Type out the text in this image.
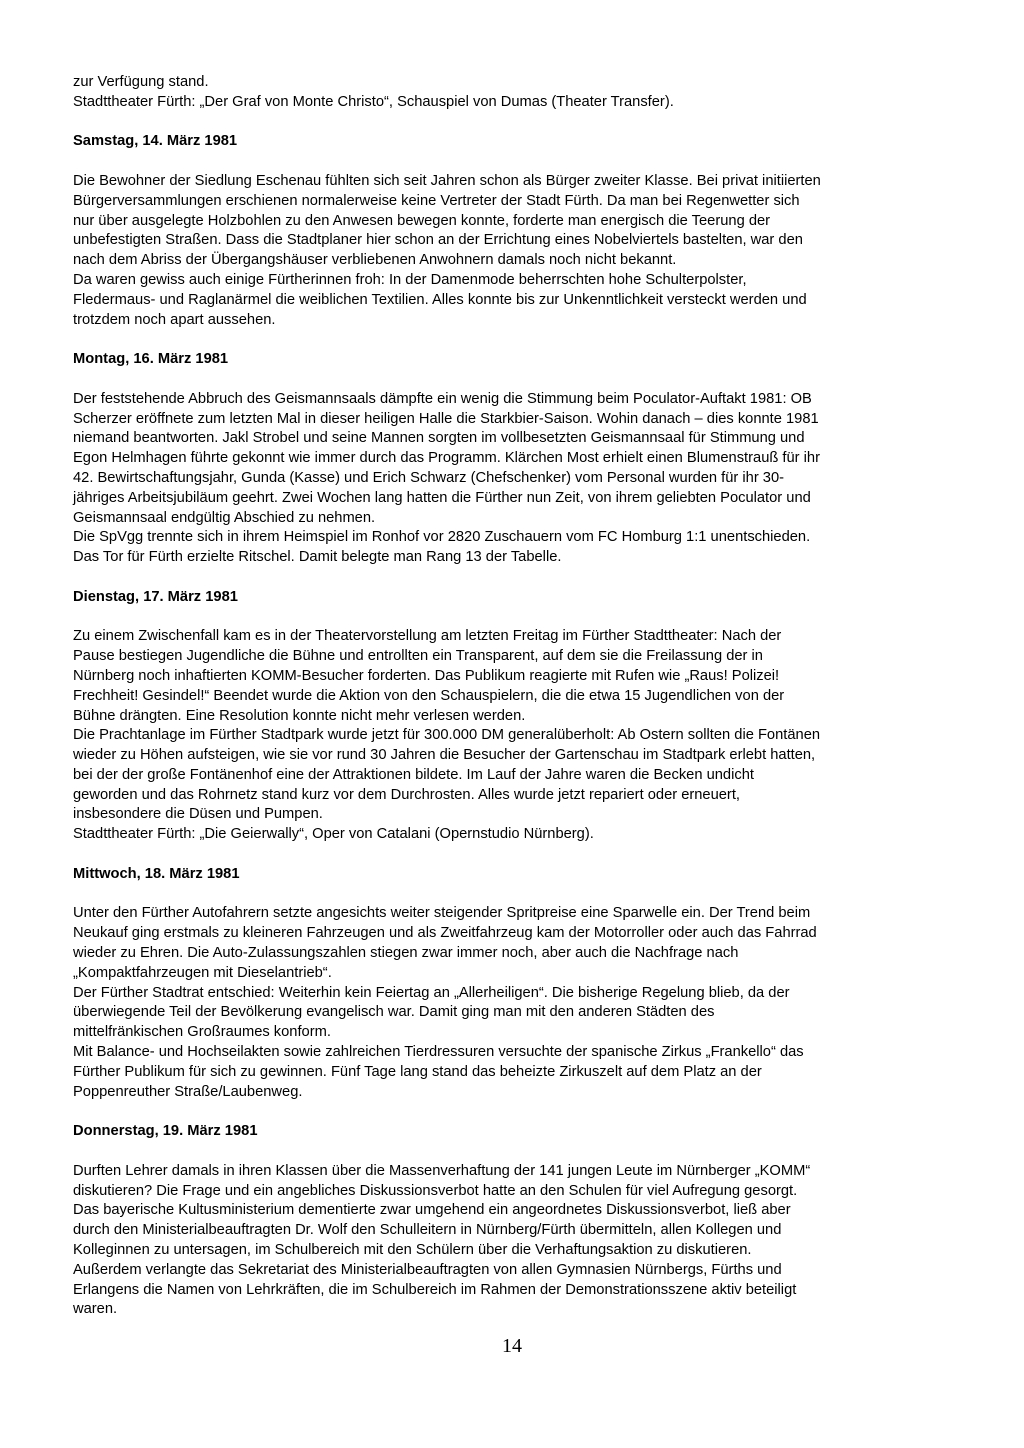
zur Verfügung stand.
Stadttheater Fürth: „Der Graf von Monte Christo“, Schauspiel von Dumas (Theater Transfer).
Samstag, 14. März 1981
Die Bewohner der Siedlung Eschenau fühlten sich seit Jahren schon als Bürger zweiter Klasse. Bei privat initiierten
Bürgerversammlungen erschienen normalerweise keine Vertreter der Stadt Fürth. Da man bei Regenwetter sich
nur über ausgelegte Holzbohlen zu den Anwesen bewegen konnte, forderte man energisch die Teerung der
unbefestigten Straßen. Dass die Stadtplaner hier schon an der Errichtung eines Nobelviertels bastelten, war den
nach dem Abriss der Übergangshäuser verbliebenen Anwohnern damals noch nicht bekannt.
Da waren gewiss auch einige Fürtherinnen froh: In der Damenmode beherrschten hohe Schulterpolster,
Fledermaus- und Raglanärmel die weiblichen Textilien. Alles konnte bis zur Unkenntlichkeit versteckt werden und
trotzdem noch apart aussehen.
Montag, 16. März 1981
Der feststehende Abbruch des Geismannsaals dämpfte ein wenig die Stimmung beim Poculator-Auftakt 1981: OB
Scherzer eröffnete zum letzten Mal in dieser heiligen Halle die Starkbier-Saison. Wohin danach – dies konnte 1981
niemand beantworten. Jakl Strobel und seine Mannen sorgten im vollbesetzten Geismannsaal für Stimmung und
Egon Helmhagen führte gekonnt wie immer durch das Programm. Klärchen Most erhielt einen Blumenstrauß für ihr
42. Bewirtschaftungsjahr, Gunda (Kasse) und Erich Schwarz (Chefschenker) vom Personal wurden für ihr 30-
jähriges Arbeitsjubiläum geehrt. Zwei Wochen lang hatten die Fürther nun Zeit, von ihrem geliebten Poculator und
Geismannsaal endgültig Abschied zu nehmen.
Die SpVgg trennte sich in ihrem Heimspiel im Ronhof vor 2820 Zuschauern vom FC Homburg 1:1 unentschieden.
Das Tor für Fürth erzielte Ritschel. Damit belegte man Rang 13 der Tabelle.
Dienstag, 17. März 1981
Zu einem Zwischenfall kam es in der Theatervorstellung am letzten Freitag im Fürther Stadttheater: Nach der
Pause bestiegen Jugendliche die Bühne und entrollten ein Transparent, auf dem sie die Freilassung der in
Nürnberg noch inhaftierten KOMM-Besucher forderten. Das Publikum reagierte mit Rufen wie „Raus! Polizei!
Frechheit! Gesindel!“ Beendet wurde die Aktion von den Schauspielern, die die etwa 15 Jugendlichen von der
Bühne drängten. Eine Resolution konnte nicht mehr verlesen werden.
Die Prachtanlage im Fürther Stadtpark wurde jetzt für 300.000 DM generalüberholt: Ab Ostern sollten die Fontänen
wieder zu Höhen aufsteigen, wie sie vor rund 30 Jahren die Besucher der Gartenschau im Stadtpark erlebt hatten,
bei der der große Fontänenhof eine der Attraktionen bildete. Im Lauf der Jahre waren die Becken undicht
geworden und das Rohrnetz stand kurz vor dem Durchrosten. Alles wurde jetzt repariert oder erneuert,
insbesondere die Düsen und Pumpen.
Stadttheater Fürth: „Die Geierwally“, Oper von Catalani (Opernstudio Nürnberg).
Mittwoch, 18. März 1981
Unter den Fürther Autofahrern setzte angesichts weiter steigender Spritpreise eine Sparwelle ein. Der Trend beim
Neukauf ging erstmals zu kleineren Fahrzeugen und als Zweitfahrzeug kam der Motorroller oder auch das Fahrrad
wieder zu Ehren. Die Auto-Zulassungszahlen stiegen zwar immer noch, aber auch die Nachfrage nach
„Kompaktfahrzeugen mit Dieselantrieb“.
Der Fürther Stadtrat entschied: Weiterhin kein Feiertag an „Allerheiligen“. Die bisherige Regelung blieb, da der
überwiegende Teil der Bevölkerung evangelisch war. Damit ging man mit den anderen Städten des
mittelfränkischen Großraumes konform.
Mit Balance- und Hochseilakten sowie zahlreichen Tierdressuren versuchte der spanische Zirkus „Frankello“ das
Fürther Publikum für sich zu gewinnen. Fünf Tage lang stand das beheizte Zirkuszelt auf dem Platz an der
Poppenreuther Straße/Laubenweg.
Donnerstag, 19. März 1981
Durften Lehrer damals in ihren Klassen über die Massenverhaftung der 141 jungen Leute im Nürnberger „KOMM“
diskutieren? Die Frage und ein angebliches Diskussionsverbot hatte an den Schulen für viel Aufregung gesorgt.
Das bayerische Kultusministerium dementierte zwar umgehend ein angeordnetes Diskussionsverbot, ließ aber
durch den Ministerialbeauftragten Dr. Wolf den Schulleitern in Nürnberg/Fürth übermitteln, allen Kollegen und
Kolleginnen zu untersagen, im Schulbereich mit den Schülern über die Verhaftungsaktion zu diskutieren.
Außerdem verlangte das Sekretariat des Ministerialbeauftragten von allen Gymnasien Nürnbergs, Fürths und
Erlangens die Namen von Lehrkräften, die im Schulbereich im Rahmen der Demonstrationsszene aktiv beteiligt
waren.
14
